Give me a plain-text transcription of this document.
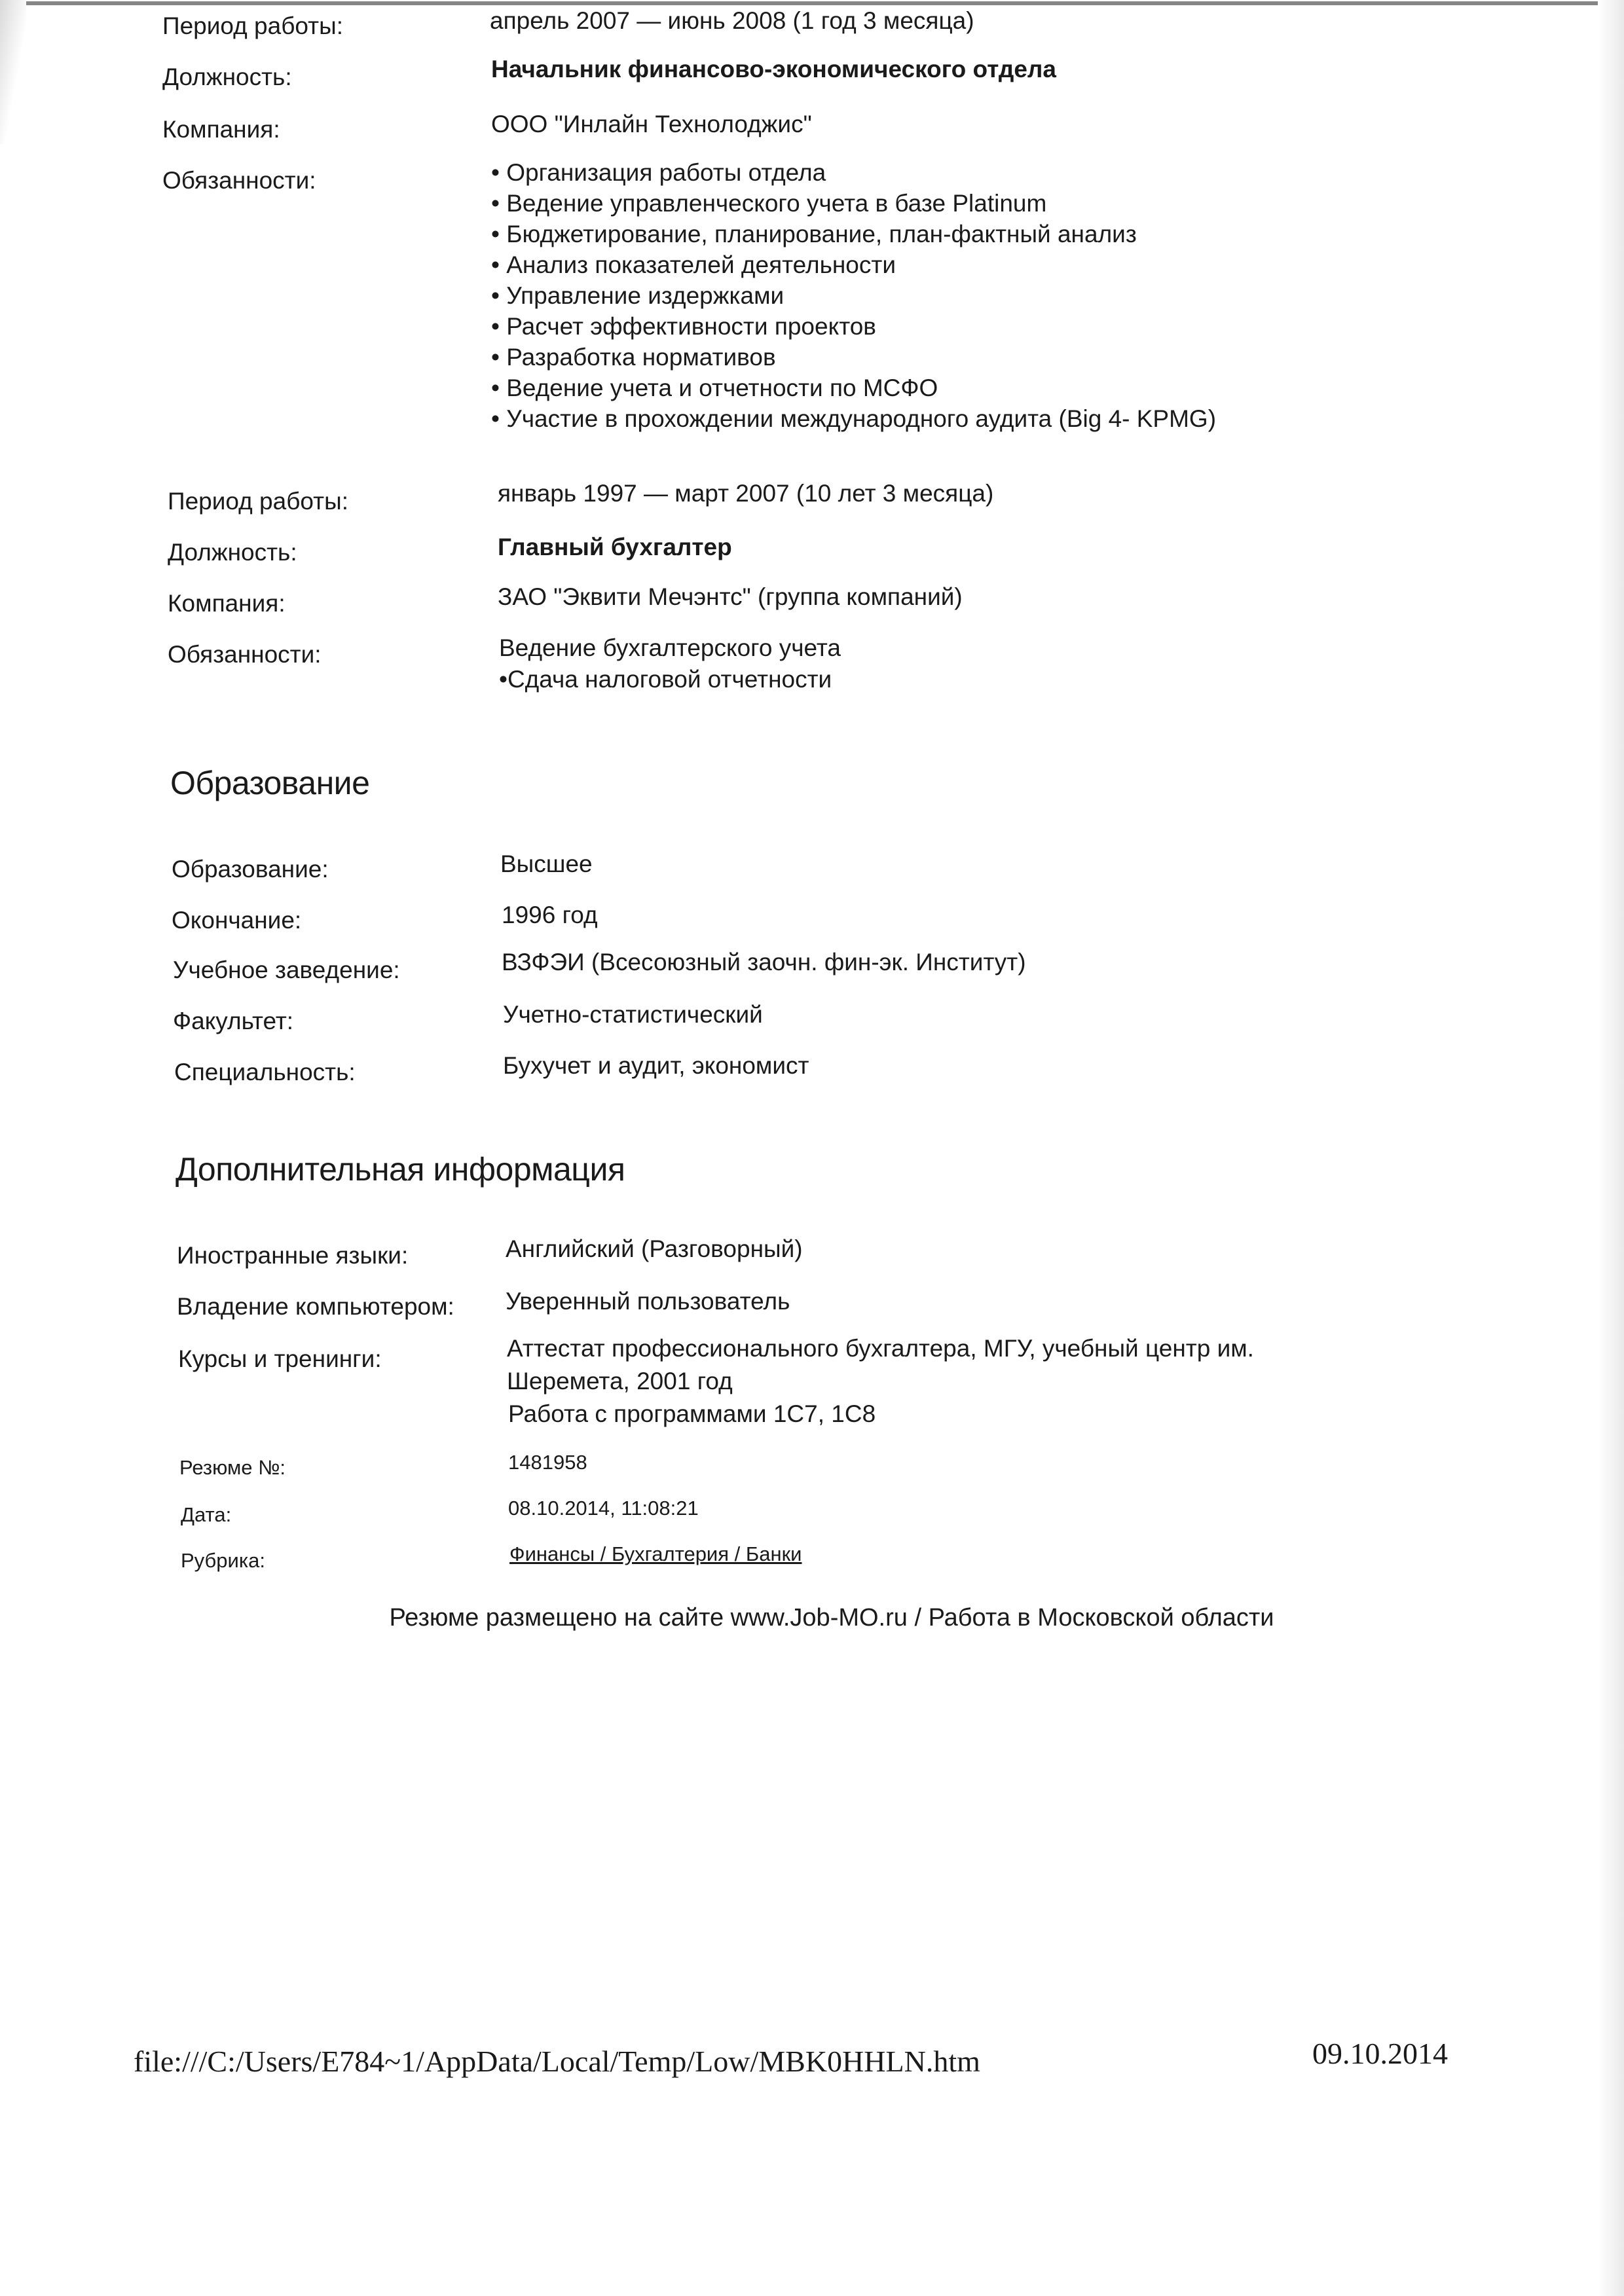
Период работы:	апрель 2007 — июнь 2008 (1 год 3 месяца)
Должность:	Начальник финансово-экономического отдела
Компания:	ООО "Инлайн Технолоджис"
Обязанности:
•	Организация работы отдела
• Ведение управленческого учета в базе Platinum
• Бюджетирование, планирование, план-фактный анализ
• Анализ показателей деятельности
• Управление издержками
• Расчет эффективности проектов
• Разработка нормативов
• Ведение учета и отчетности по МСФО
• Участие в прохождении международного аудита (Big 4- KPMG)
Период работы:	январь 1997 — март 2007 (10 лет 3 месяца)
Должность:	Главный бухгалтер
Компания:	ЗАО "Эквити Мечэнтс" (группа компаний)
Обязанности:	Ведение бухгалтерского учета
•Сдача налоговой отчетности
Образование
Образование:	Высшее
Окончание:	1996 год
Учебное заведение:	ВЗФЭИ (Всесоюзный заочн. фин-эк. Институт)
Факультет:	Учетно-статистический
Специальность:	Бухучет и аудит, экономист
Дополнительная информация
Иностранные языки:	Английский (Разговорный)
Владение компьютером: Уверенный пользователь
Курсы и тренинги:	Аттестат профессионального бухгалтера, МГУ, учебный центр им.
Шеремета, 2001 год
Работа с программами 1С7, 1С8
Резюме №:	1481958
Дата:	08.10.2014, 11:08:21
Рубрика:	Финансы / Бухгалтерия / Банки
Резюме размещено на сайте www.Job-MO.ru / Работа в Московской области
file:///C:/Users/E784~1/AppData/Local/Temp/Low/MBK0HHLN.htm	09.10.2014
